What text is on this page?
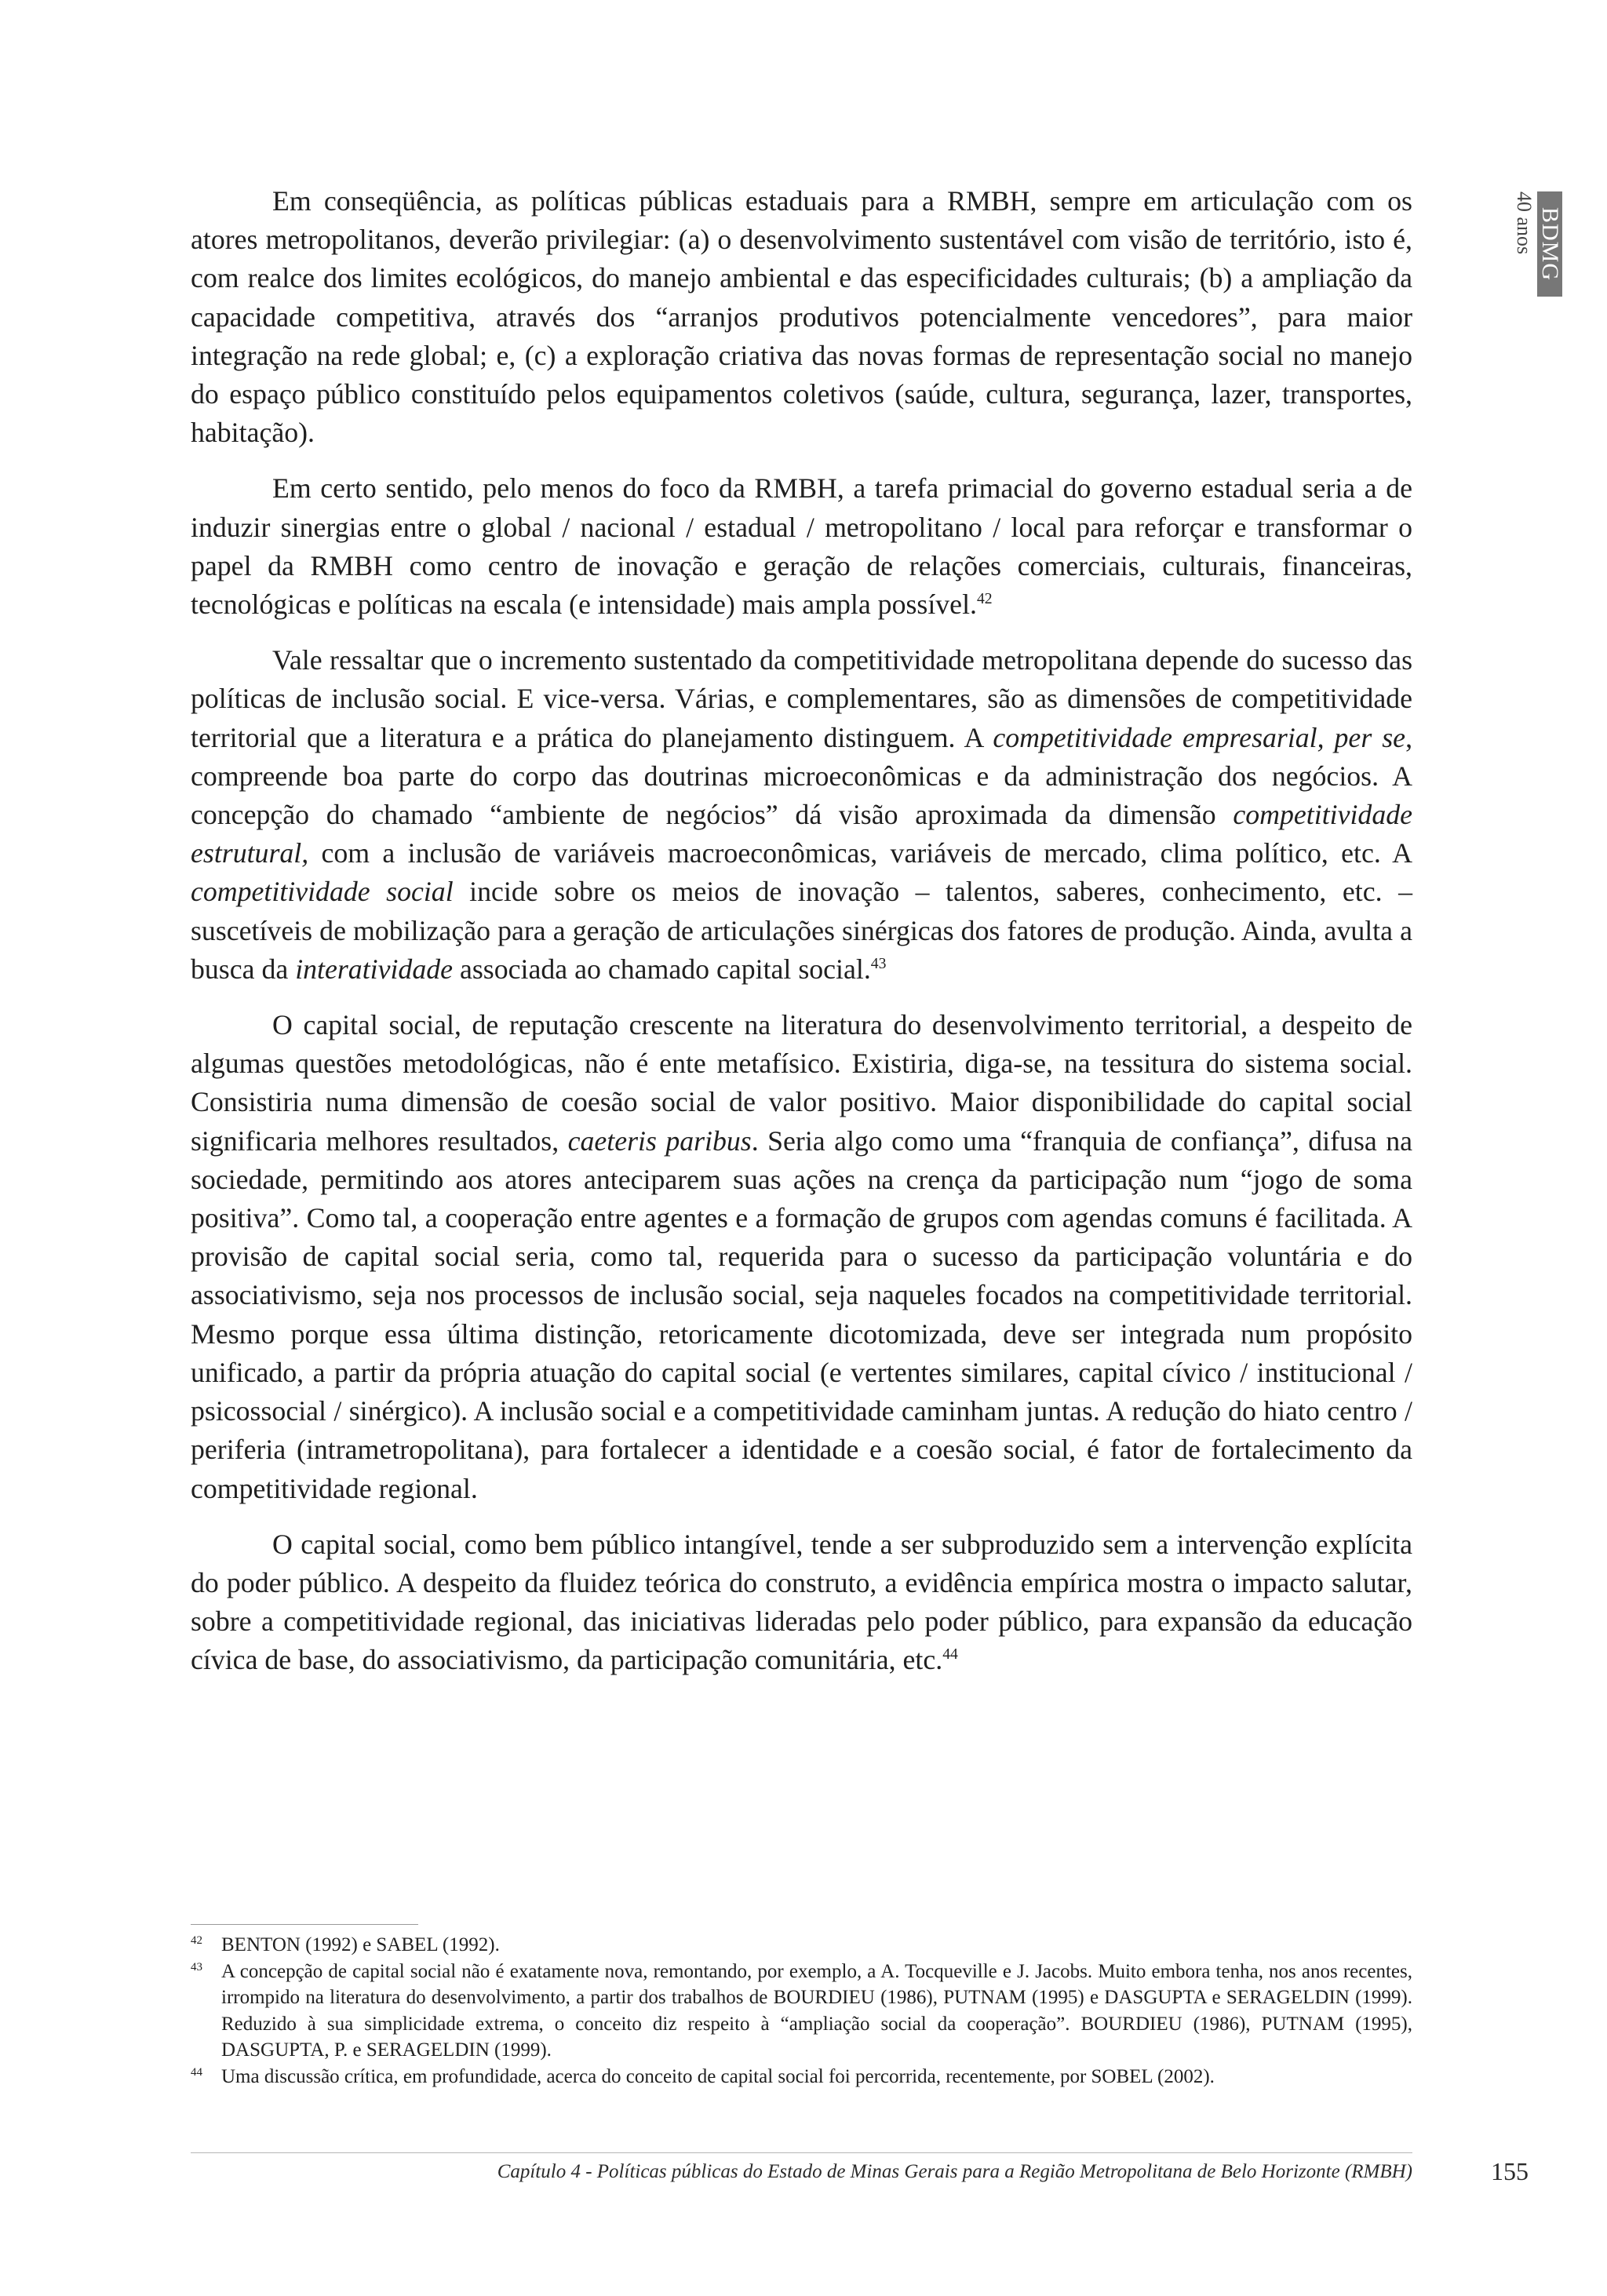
40 anos BDMG

Em conseqüência, as políticas públicas estaduais para a RMBH, sempre em articulação com os atores metropolitanos, deverão privilegiar: (a) o desenvolvimento sustentável com visão de território, isto é, com realce dos limites ecológicos, do manejo ambiental e das especificidades culturais; (b) a ampliação da capacidade competitiva, através dos “arranjos produtivos potencialmente vencedores”, para maior integração na rede global; e, (c) a exploração criativa das novas formas de representação social no manejo do espaço público constituído pelos equipamentos coletivos (saúde, cultura, segurança, lazer, transportes, habitação).

Em certo sentido, pelo menos do foco da RMBH, a tarefa primacial do governo estadual seria a de induzir sinergias entre o global / nacional / estadual / metropolitano / local para reforçar e transformar o papel da RMBH como centro de inovação e geração de relações comerciais, culturais, financeiras, tecnológicas e políticas na escala (e intensidade) mais ampla possível.$^{42}$

Vale ressaltar que o incremento sustentado da competitividade metropolitana depende do sucesso das políticas de inclusão social. E vice-versa. Várias, e complementares, são as dimensões de competitividade territorial que a literatura e a prática do planejamento distinguem. A competitividade empresarial, per se, compreende boa parte do corpo das doutrinas microeconômicas e da administração dos negócios. A concepção do chamado “ambiente de negócios” dá visão aproximada da dimensão competitividade estrutural, com a inclusão de variáveis macroeconômicas, variáveis de mercado, clima político, etc. A competitividade social incide sobre os meios de inovação – talentos, saberes, conhecimento, etc. – suscetíveis de mobilização para a geração de articulações sinérgicas dos fatores de produção. Ainda, avulta a busca da interatividade associada ao chamado capital social.$^{43}$

O capital social, de reputação crescente na literatura do desenvolvimento territorial, a despeito de algumas questões metodológicas, não é ente metafísico. Existiria, diga-se, na tessitura do sistema social. Consistiria numa dimensão de coesão social de valor positivo. Maior disponibilidade do capital social significaria melhores resultados, caeteris paribus. Seria algo como uma “franquia de confiança”, difusa na sociedade, permitindo aos atores anteciparem suas ações na crença da participação num “jogo de soma positiva”. Como tal, a cooperação entre agentes e a formação de grupos com agendas comuns é facilitada. A provisão de capital social seria, como tal, requerida para o sucesso da participação voluntária e do associativismo, seja nos processos de inclusão social, seja naqueles focados na competitividade territorial. Mesmo porque essa última distinção, retoricamente dicotomizada, deve ser integrada num propósito unificado, a partir da própria atuação do capital social (e vertentes similares, capital cívico / institucional / psicossocial / sinérgico). A inclusão social e a competitividade caminham juntas. A redução do hiato centro / periferia (intrametropolitana), para fortalecer a identidade e a coesão social, é fator de fortalecimento da competitividade regional.

O capital social, como bem público intangível, tende a ser subproduzido sem a intervenção explícita do poder público. A despeito da fluidez teórica do construto, a evidência empírica mostra o impacto salutar, sobre a competitividade regional, das iniciativas lideradas pelo poder público, para expansão da educação cívica de base, do associativismo, da participação comunitária, etc.$^{44}$

42 BENTON (1992) e SABEL (1992).
43 A concepção de capital social não é exatamente nova, remontando, por exemplo, a A. Tocqueville e J. Jacobs. Muito embora tenha, nos anos recentes, irrompido na literatura do desenvolvimento, a partir dos trabalhos de BOURDIEU (1986), PUTNAM (1995) e DASGUPTA e SERAGELDIN (1999). Reduzido à sua simplicidade extrema, o conceito diz respeito à “ampliação social da cooperação”. BOURDIEU (1986), PUTNAM (1995), DASGUPTA, P. e SERAGELDIN (1999).
44 Uma discussão crítica, em profundidade, acerca do conceito de capital social foi percorrida, recentemente, por SOBEL (2002).
Capítulo 4 - Políticas públicas do Estado de Minas Gerais para a Região Metropolitana de Belo Horizonte (RMBH)	155
